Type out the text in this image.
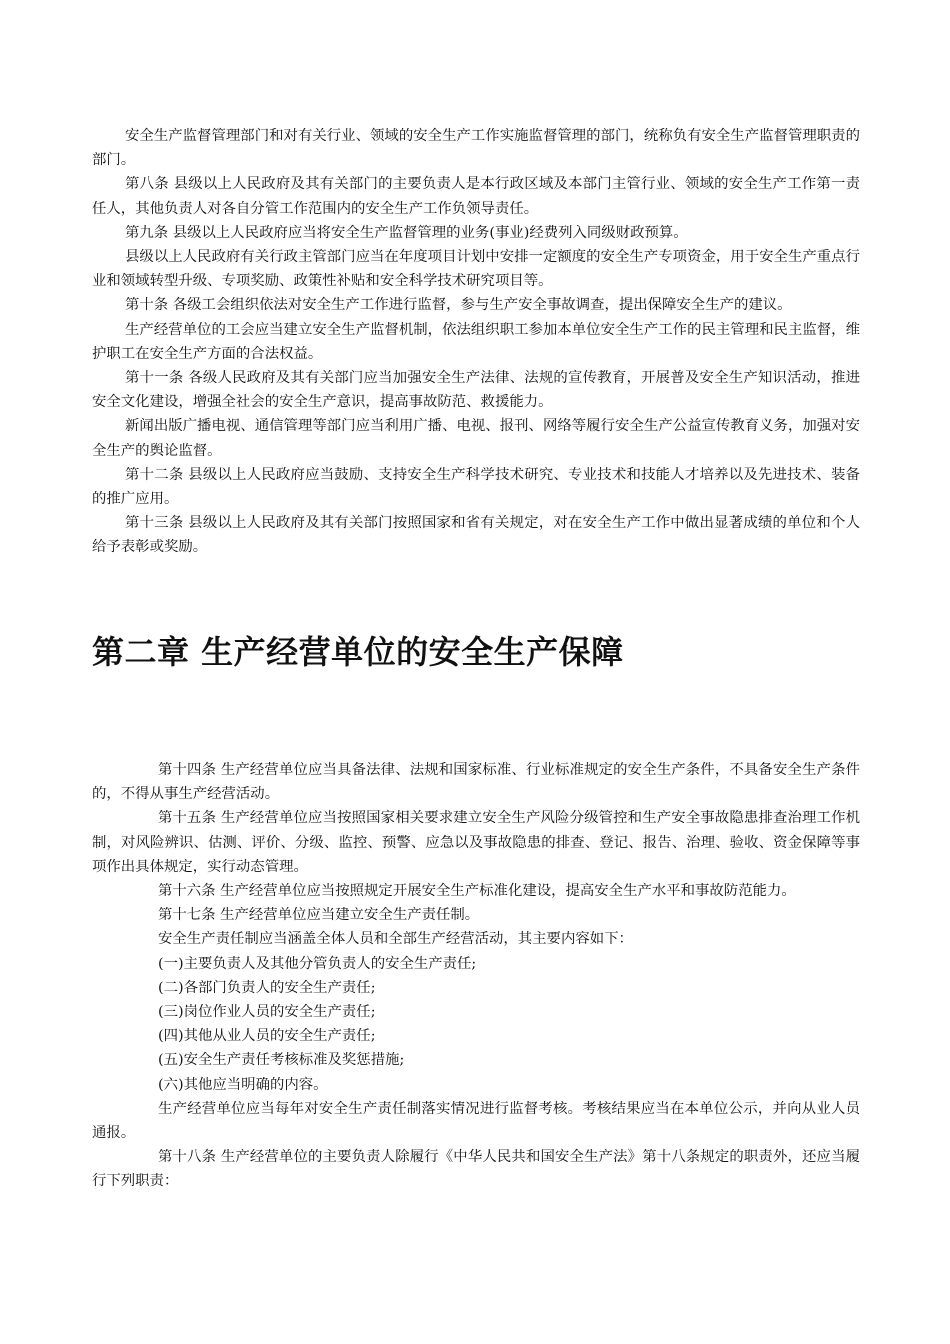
安全生产监督管理部门和对有关行业、领域的安全生产工作实施监督管理的部门，统称负有安全生产监督管理职责的部门。

第八条 县级以上人民政府及其有关部门的主要负责人是本行政区域及本部门主管行业、领域的安全生产工作第一责任人，其他负责人对各自分管工作范围内的安全生产工作负领导责任。

第九条 县级以上人民政府应当将安全生产监督管理的业务(事业)经费列入同级财政预算。

县级以上人民政府有关行政主管部门应当在年度项目计划中安排一定额度的安全生产专项资金，用于安全生产重点行业和领域转型升级、专项奖励、政策性补贴和安全科学技术研究项目等。

第十条 各级工会组织依法对安全生产工作进行监督，参与生产安全事故调查，提出保障安全生产的建议。

生产经营单位的工会应当建立安全生产监督机制，依法组织职工参加本单位安全生产工作的民主管理和民主监督，维护职工在安全生产方面的合法权益。

第十一条 各级人民政府及其有关部门应当加强安全生产法律、法规的宣传教育，开展普及安全生产知识活动，推进安全文化建设，增强全社会的安全生产意识，提高事故防范、救援能力。

新闻出版广播电视、通信管理等部门应当利用广播、电视、报刊、网络等履行安全生产公益宣传教育义务，加强对安全生产的舆论监督。

第十二条 县级以上人民政府应当鼓励、支持安全生产科学技术研究、专业技术和技能人才培养以及先进技术、装备的推广应用。

第十三条 县级以上人民政府及其有关部门按照国家和省有关规定，对在安全生产工作中做出显著成绩的单位和个人给予表彰或奖励。

第二章 生产经营单位的安全生产保障

第十四条 生产经营单位应当具备法律、法规和国家标准、行业标准规定的安全生产条件，不具备安全生产条件的，不得从事生产经营活动。

第十五条 生产经营单位应当按照国家相关要求建立安全生产风险分级管控和生产安全事故隐患排查治理工作机制，对风险辨识、估测、评价、分级、监控、预警、应急以及事故隐患的排查、登记、报告、治理、验收、资金保障等事项作出具体规定，实行动态管理。

第十六条 生产经营单位应当按照规定开展安全生产标准化建设，提高安全生产水平和事故防范能力。

第十七条 生产经营单位应当建立安全生产责任制。

安全生产责任制应当涵盖全体人员和全部生产经营活动，其主要内容如下：

(一)主要负责人及其他分管负责人的安全生产责任;

(二)各部门负责人的安全生产责任;

(三)岗位作业人员的安全生产责任;

(四)其他从业人员的安全生产责任;

(五)安全生产责任考核标准及奖惩措施;

(六)其他应当明确的内容。

生产经营单位应当每年对安全生产责任制落实情况进行监督考核。考核结果应当在本单位公示，并向从业人员通报。

第十八条 生产经营单位的主要负责人除履行《中华人民共和国安全生产法》第十八条规定的职责外，还应当履行下列职责：
